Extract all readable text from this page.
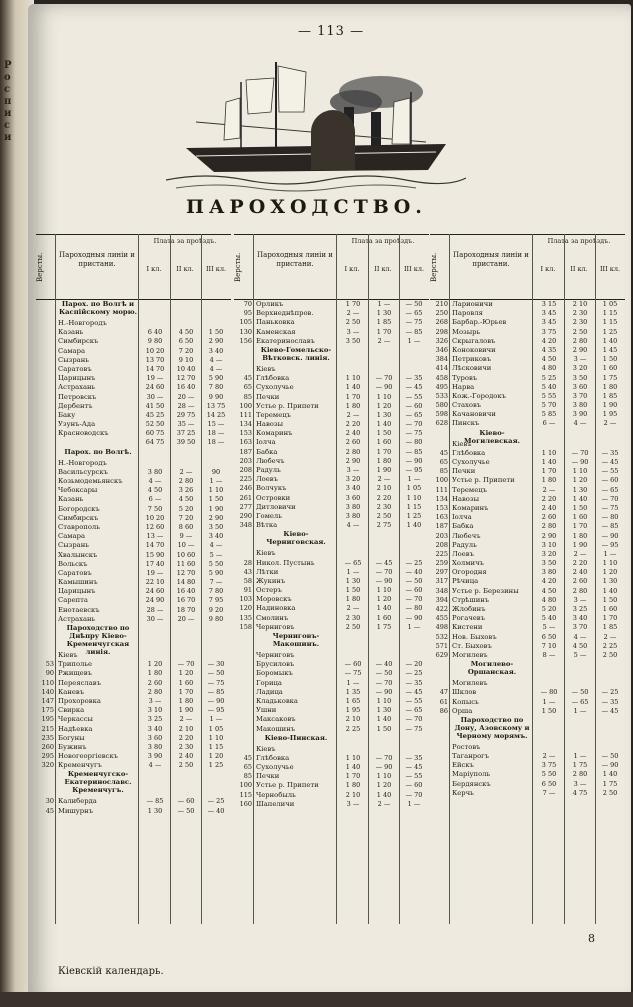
Росписи
— 113 —
ПАРОХОДСТВО.
Версты.	Пароходныя линіи и пристани.
Плата за проѣздъ.
I кл.	II кл.	III кл.
Парох. по Волгѣ и Каспійскому морю.
Н.-Новгородъ
Казань	6 40	4 50	1 50
Симбирскъ	9 80	6 50	2 90
Самара	10 20	7 20	3 40
Сызрань	13 70	9 10	4 —
Саратовъ	14 70	10 40	4 —
Царицынъ	19 —	12 70	5 90
Астрахань	24 60	16 40	7 80
Петровскъ	30 —	20 —	9 90
Дербентъ	41 50	28 —	13 75
Баку	45 25	29 75	14 25
Узунъ-Ада	52 50	35 —	15 —
Красноводскъ	60 75	37 25	18 —
64 75	39 50	18 —
Парох. по Волгѣ.
Н.-Новгородъ
Васильсурскъ	3 80	2 —	90
Козьмодемьянскъ	4 —	2 80	1 —
Чебоксары	4 50	3 26	1 10
Казань	6 —	4 50	1 50
Богородскъ	7 50	5 20	1 90
Симбирскъ	10 20	7 20	2 90
Ставрополь	12 60	8 60	3 50
Самара	13 —	9 —	3 40
Сызрань	14 70	10 —	4 —
Хвалынскъ	15 90	10 60	5 —
Вольскъ	17 40	11 60	5 50
Саратовъ	19 —	12 70	5 90
Камышинъ	22 10	14 80	7 —
Царицынъ	24 60	16 40	7 80
Сарепта	24 90	16 70	7 95
Енотаевскъ	28 —	18 70	9 20
Астрахань	30 —	20 —	9 80
Пароходство по Днѣпру Кіево-Кременчугская линія.
Кіевъ
53 Триполье	1 20	— 70	— 30
90 Ржищевъ	1 80	1 20	— 50
110 Переяславъ	2 60	1 60	— 75
140 Каневъ	2 80	1 70	— 85
147 Прохоровка	3 —	1 80	— 90
175 Свирка	3 10	1 90	— 95
195 Черкассы	3 25	2 —	1 —
215 Надѣевка	3 40	2 10	1 05
235 Богуны	3 60	2 20	1 10
260 Бужинъ	3 80	2 30	1 15
295 Новогеоргіевскъ	3 90	2 40	1 20
320 Кременчугъ	4 —	2 50	1 25
Кременчугско-Екатеринославс. Кременчугъ.
30 Калиберда	— 85	— 60	— 25
45 Мишурнъ	1 30	— 50	— 40
Версты.	Пароходныя линіи и пристани.
Плата за проѣздъ.
I кл.	II кл.	III кл.
70 Орликъ	1 70	1 —	— 50
95 Верхнеднѣпров.	2 —	1 30	— 65
105 Паньковка	2 50	1 85	— 75
130 Каменская	3 —	1 70	— 85
156 Екатеринославъ	3 50	2 —	1 —
Кіево-Гомельско-Вѣтковск. линія.
Кіевъ
45 Глѣбовка	1 10	— 70	— 35
65 Сухолучье	1 40	— 90	— 45
85 Печки	1 70	1 10	— 55
100 Устье р. Припети	1 80	1 20	— 60
111 Теремецъ	2 —	1 30	— 65
134 Навозы	2 20	1 40	— 70
153 Комаринъ	2 40	1 50	— 75
163 Іолча	2 60	1 60	— 80
187 Бабка	2 80	1 70	— 85
203 Любечъ	2 90	1 80	— 90
208 Радуль	3 —	1 90	— 95
225 Лоевъ	3 20	2 —	1 —
246 Волчукъ	3 40	2 10	1 05
261 Островки	3 60	2 20	1 10
277 Дитловичи	3 80	2 30	1 15
290 Гомель	3 80	2 50	1 25
348 Вѣтка	4 —	2 75	1 40
Кіево-Черниговская.
Кіевъ
28 Никол. Пустынь	— 65	— 45	— 25
43 Лѣтки	1 —	— 70	— 40
58 Жукинъ	1 30	— 90	— 50
91 Остеръ	1 50	1 10	— 60
103 Моровскъ	1 80	1 20	— 70
120 Надиновка	2 —	1 40	— 80
135 Смолинъ	2 30	1 60	— 90
158 Черниговъ	2 50	1 75	1 —
Черниговъ-Макошинъ.
Черниговъ
Брусиловъ	— 60	— 40	— 20
Боромыкъ	— 75	— 50	— 25
Горица	1 —	— 70	— 35
Ладица	1 35	— 90	— 45
Кладьковка	1 65	1 10	— 55
Ушни	1 95	1 30	— 65
Максаковъ	2 10	1 40	— 70
Макошинъ	2 25	1 50	— 75
Кіево-Пинская.
Кіевъ
45 Глѣбовка	1 10	— 70	— 35
65 Сухолучье	1 40	— 90	— 45
85 Печки	1 70	1 10	— 55
100 Устье р. Припети	1 80	1 20	— 60
115 Чернобыль	2 10	1 40	— 70
160 Шапеличи	3 —	2 —	1 —
Версты.	Пароходныя линіи и пристани.
Плата за проѣздъ.
I кл.	II кл.	III кл.
210 Ларионичи	3 15	2 10	1 05
250 Паровля	3 45	2 30	1 15
268 Барбар.-Юрьев	3 45	2 30	1 15
298 Мозырь	3 75	2 50	1 25
326 Скрыгаловъ	4 20	2 80	1 40
346 Коноковичи	4 35	2 90	1 45
384 Петриковъ	4 50	3 —	1 50
414 Лѣсковичи	4 80	3 20	1 60
458 Туровъ	5 25	3 50	1 75
495 Нарва	5 40	3 60	1 80
533 Кож.-Городокъ	5 55	3 70	1 85
580 Стаховъ	5 70	3 80	1 90
598 Качановичи	5 85	3 90	1 95
628 Пинскъ	6 —	4 —	2 —
Кіево-Могилевская.
Кіевъ
45 Глѣбовка	1 10	— 70	— 35
65 Сухолучье	1 40	— 90	— 45
85 Печки	1 70	1 10	— 55
100 Устье р. Припети	1 80	1 20	— 60
111 Теремецъ	2 —	1 30	— 65
134 Навозы	2 20	1 40	— 70
153 Комаринъ	2 40	1 50	— 75
163 Іолча	2 60	1 60	— 80
187 Бабка	2 80	1 70	— 85
203 Любечъ	2 90	1 80	— 90
208 Радуль	3 10	1 90	— 95
225 Лоевъ	3 20	2 —	1 —
259 Холмичъ	3 50	2 20	1 10
297 Огородня	3 80	2 40	1 20
317 Рѣчица	4 20	2 60	1 30
348 Устье р. Березины	4 50	2 80	1 40
394 Стрѣшинъ	4 80	3 —	1 50
422 Жлобинъ	5 20	3 25	1 60
455 Рогачевъ	5 40	3 40	1 70
498 Кистени	5 —	3 70	1 85
532 Нов. Быховъ	6 50	4 —	2 —
571 Ст. Быховъ	7 10	4 50	2 25
629 Могилевъ	8 —	5 —	2 50
Могилево-Оршанская.
Могилевъ
47 Шклов	— 80	— 50	— 25
61 Копысь	1 —	— 65	— 35
86 Орша	1 50	1 —	— 45
Пароходство по Дону, Азовскому и Черному морямъ.
Ростовъ
Таганрогъ	2 —	1 —	— 50
Ейскъ	3 75	1 75	— 90
Маріуполь	5 50	2 80	1 40
Бердянскъ	6 50	3 —	1 75
Керчь	7 —	4 75	2 50
8
Кіевскій календарь.
